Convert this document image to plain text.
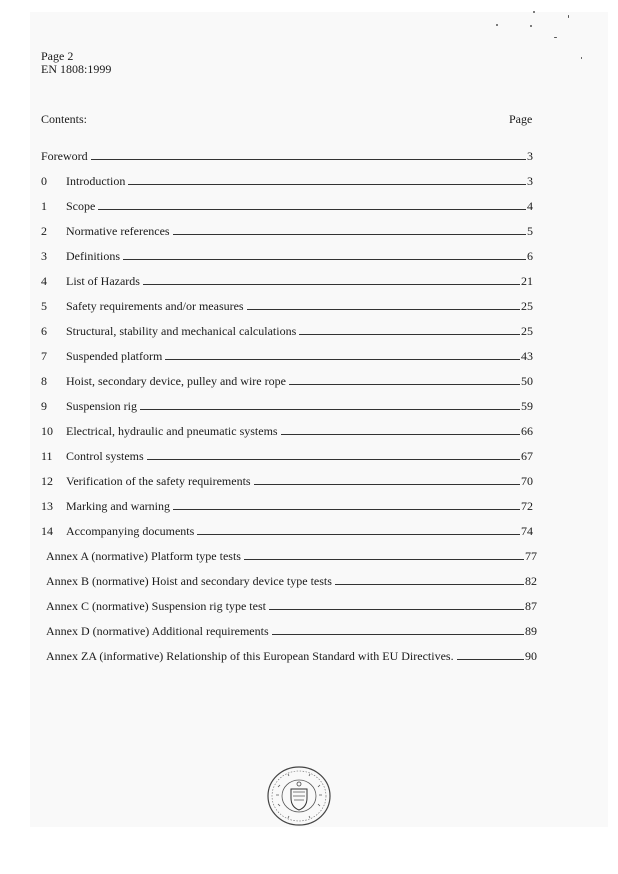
Page 2
EN 1808:1999
Contents:	Page
Foreword	3
0	Introduction	3
1	Scope	4
2	Normative references	5
3	Definitions	6
4	List of Hazards	21
5	Safety requirements and/or measures	25
6	Structural, stability and mechanical calculations	25
7	Suspended platform	43
8	Hoist, secondary device, pulley and wire rope	50
9	Suspension rig	59
10	Electrical, hydraulic and pneumatic systems	66
11	Control systems	67
12	Verification of the safety requirements	70
13	Marking and warning	72
14	Accompanying documents	74
Annex A (normative) Platform type tests	77
Annex B (normative) Hoist and secondary device type tests	82
Annex C (normative) Suspension rig type test	87
Annex D (normative) Additional requirements	89
Annex ZA (informative) Relationship of this European Standard with EU Directives.	90
